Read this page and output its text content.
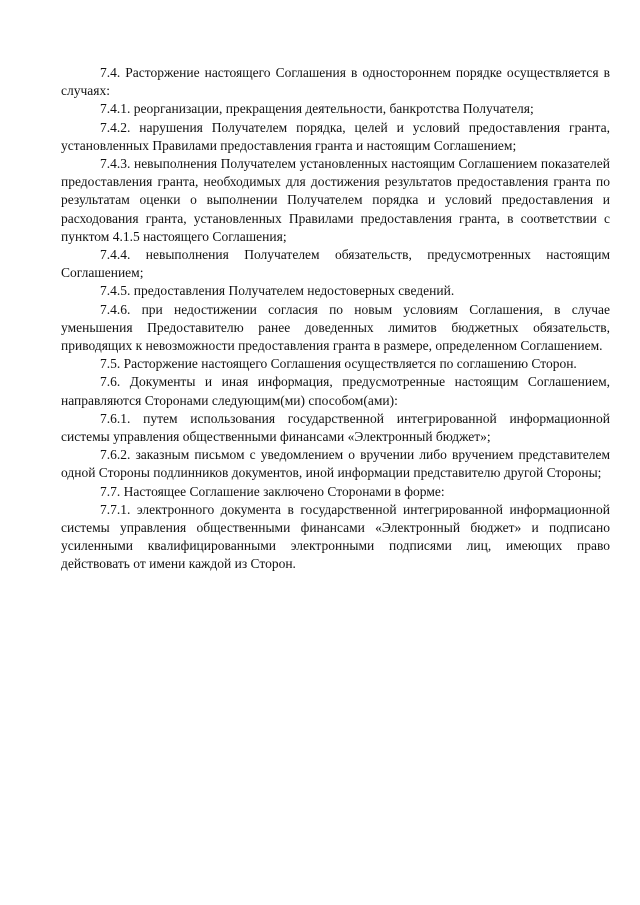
7.4. Расторжение настоящего Соглашения в одностороннем порядке осуществляется в случаях:

7.4.1. реорганизации, прекращения деятельности, банкротства Получателя;

7.4.2. нарушения Получателем порядка, целей и условий предоставления гранта, установленных Правилами предоставления гранта и настоящим Соглашением;

7.4.3. невыполнения Получателем установленных настоящим Соглашением показателей предоставления гранта, необходимых для достижения результатов предоставления гранта по результатам оценки о выполнении Получателем порядка и условий предоставления и расходования гранта, установленных Правилами предоставления гранта, в соответствии с пунктом 4.1.5 настоящего Соглашения;

7.4.4. невыполнения Получателем обязательств, предусмотренных настоящим Соглашением;

7.4.5. предоставления Получателем недостоверных сведений.

7.4.6. при недостижении согласия по новым условиям Соглашения, в случае уменьшения Предоставителю ранее доведенных лимитов бюджетных обязательств, приводящих к невозможности предоставления гранта в размере, определенном Соглашением.

7.5. Расторжение настоящего Соглашения осуществляется по соглашению Сторон.

7.6. Документы и иная информация, предусмотренные настоящим Соглашением, направляются Сторонами следующим(ми) способом(ами):

7.6.1. путем использования государственной интегрированной информационной системы управления общественными финансами «Электронный бюджет»;

7.6.2. заказным письмом с уведомлением о вручении либо вручением представителем одной Стороны подлинников документов, иной информации представителю другой Стороны;

7.7. Настоящее Соглашение заключено Сторонами в форме:

7.7.1. электронного документа в государственной интегрированной информационной системы управления общественными финансами «Электронный бюджет» и подписано усиленными квалифицированными электронными подписями лиц, имеющих право действовать от имени каждой из Сторон.
